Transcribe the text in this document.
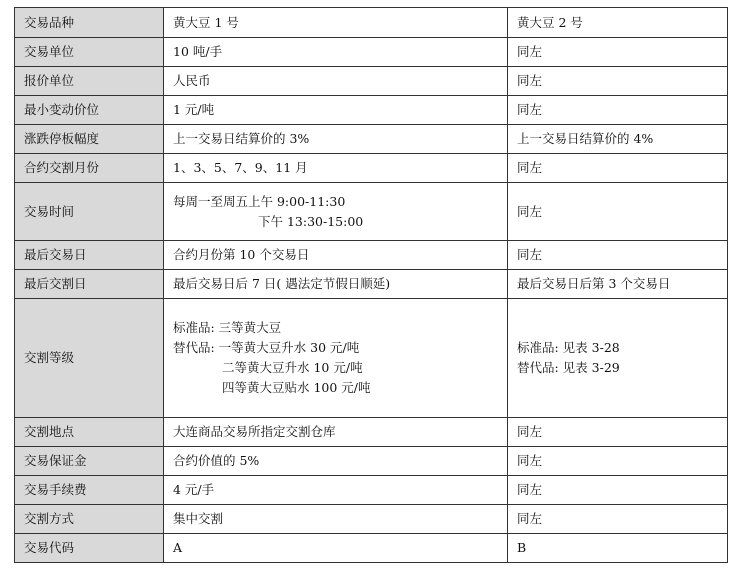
交易品种	黄大豆 1 号	黄大豆 2 号
交易单位	10 吨/手	同左
报价单位	人民币	同左
最小变动价位	1 元/吨	同左
涨跌停板幅度	上一交易日结算价的 3%	上一交易日结算价的 4%
合约交割月份	1、3、5、7、9、11 月	同左
交易时间	每周一至周五上午 9:00-11:30
下午 13:30-15:00	同左
最后交易日	合约月份第 10 个交易日	同左
最后交割日	最后交易日后 7 日( 遇法定节假日顺延)	最后交易日后第 3 个交易日
交割等级	标准品: 三等黄大豆
替代品: 一等黄大豆升水 30 元/吨
二等黄大豆升水 10 元/吨
四等黄大豆贴水 100 元/吨	标准品: 见表 3-28
替代品: 见表 3-29

交割地点	大连商品交易所指定交割仓库	同左
交易保证金	合约价值的 5%	同左
交易手续费	4 元/手	同左
交割方式	集中交割	同左
交易代码	A	B
